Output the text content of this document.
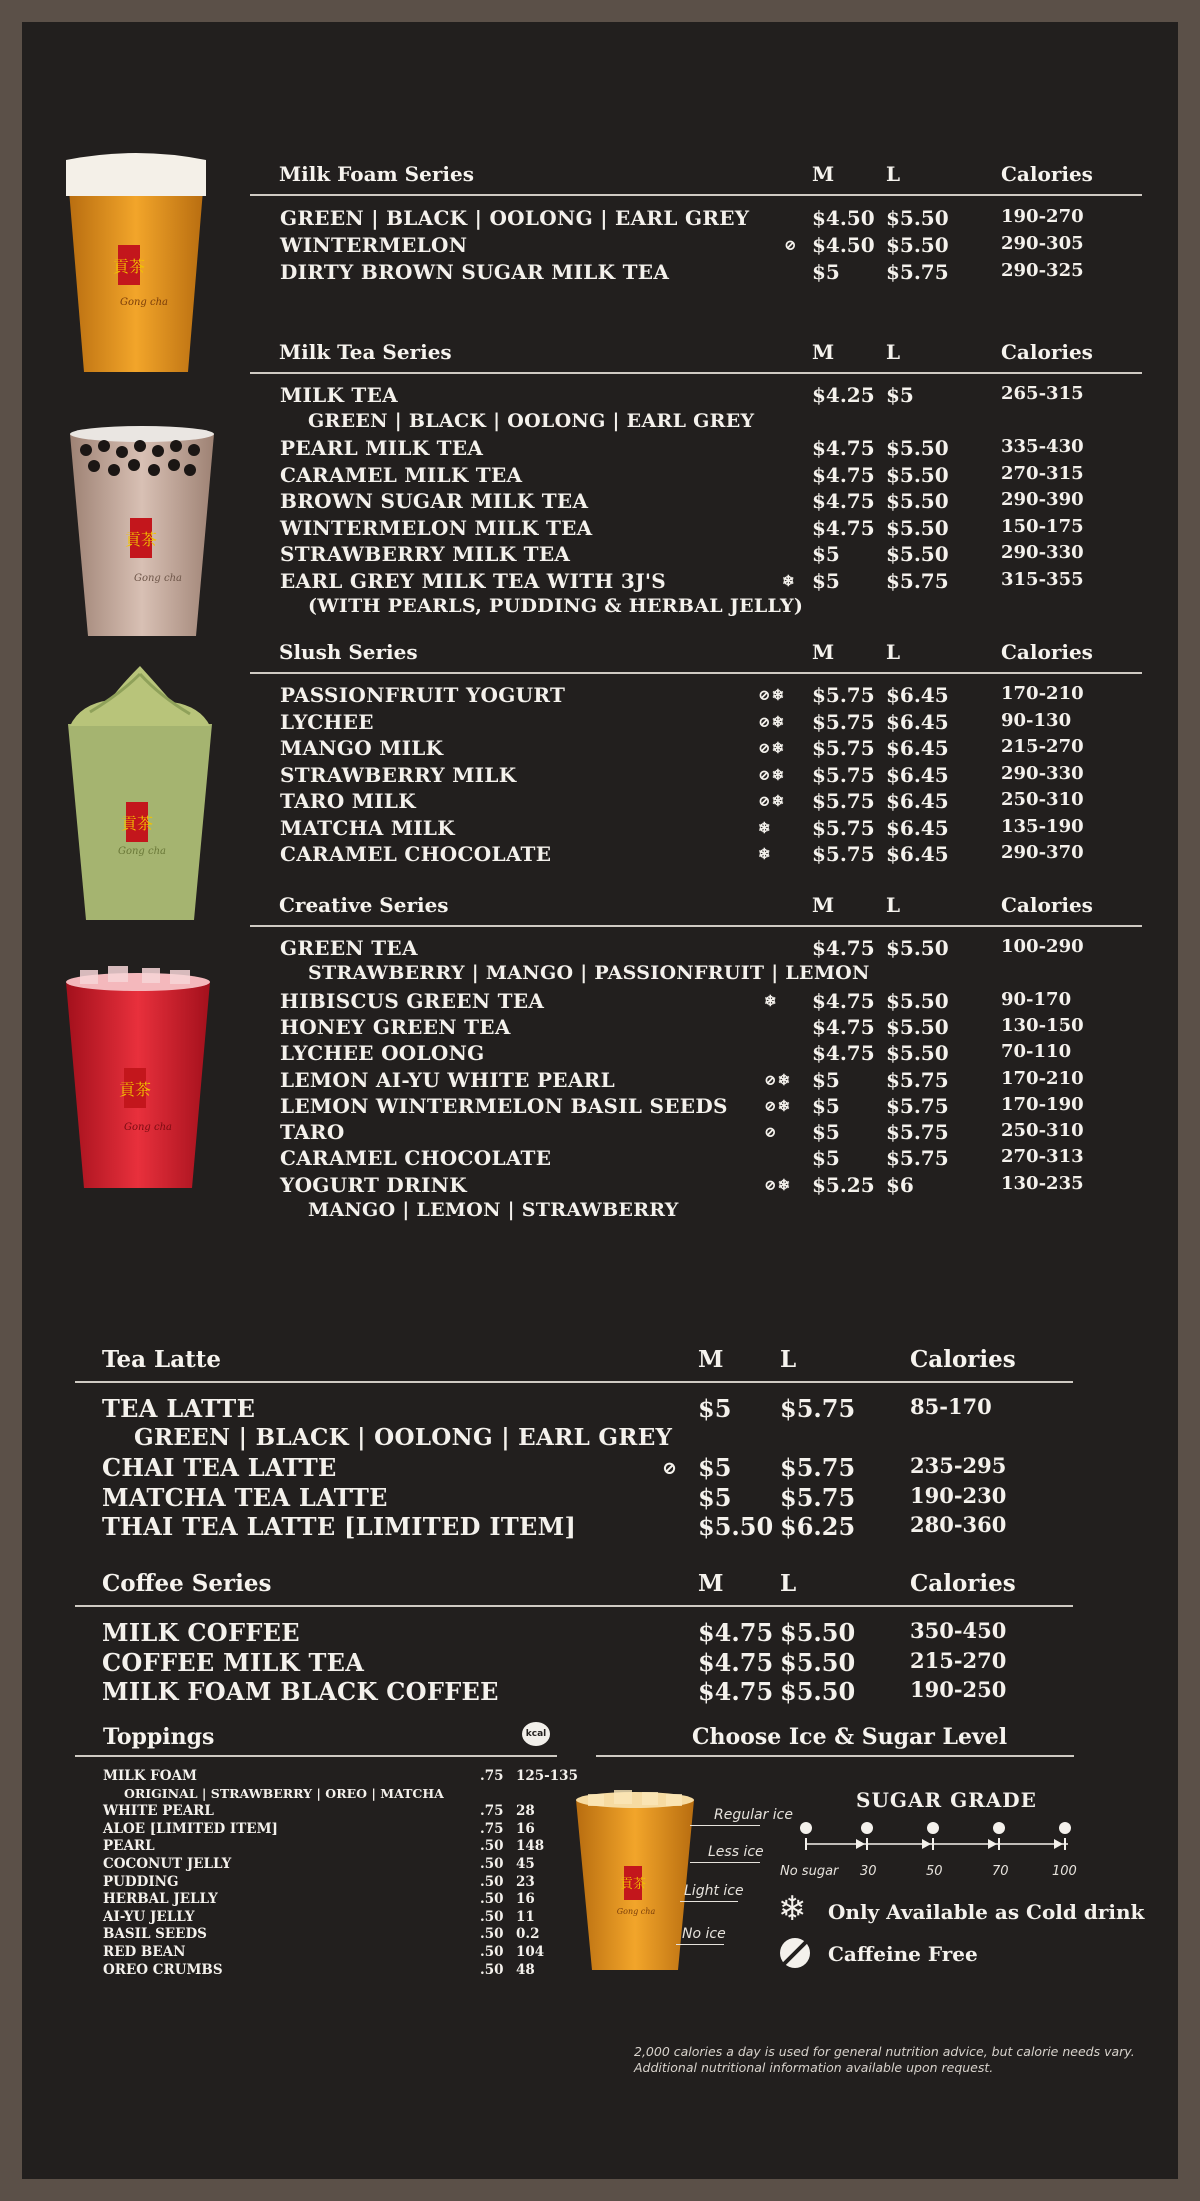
貢茶
Gong cha
貢茶
Gong cha
貢茶
Gong cha
貢茶
Gong cha
貢茶
Gong cha
Milk Foam Series	M	L	Calories
GREEN | BLACK | OOLONG | EARL GREY	$4.50 $5.50	190-270
WINTERMELON	⊘ $4.50 $5.50	290-305
DIRTY BROWN SUGAR MILK TEA	$5 $5.75	290-325
Milk Tea Series	M	L	Calories
MILK TEA	$4.25 $5	265-315
GREEN | BLACK | OOLONG | EARL GREY
PEARL MILK TEA	$4.75 $5.50	335-430
CARAMEL MILK TEA	$4.75 $5.50	270-315
BROWN SUGAR MILK TEA	$4.75 $5.50	290-390
WINTERMELON MILK TEA	$4.75 $5.50	150-175
STRAWBERRY MILK TEA	$5 $5.50	290-330
EARL GREY MILK TEA WITH 3J'S	❄ $5 $5.75	315-355
(WITH PEARLS, PUDDING & HERBAL JELLY)
Slush Series	M	L	Calories
PASSIONFRUIT YOGURT	⊘❄ $5.75 $6.45	170-210
LYCHEE	⊘❄ $5.75 $6.45	90-130
MANGO MILK	⊘❄ $5.75 $6.45	215-270
STRAWBERRY MILK	⊘❄ $5.75 $6.45	290-330
TARO MILK	⊘❄ $5.75 $6.45	250-310
MATCHA MILK	❄ $5.75 $6.45	135-190
CARAMEL CHOCOLATE	❄ $5.75 $6.45	290-370
Creative Series	M	L	Calories
GREEN TEA	$4.75 $5.50	100-290
STRAWBERRY | MANGO | PASSIONFRUIT | LEMON
HIBISCUS GREEN TEA	❄ $4.75 $5.50	90-170
HONEY GREEN TEA	$4.75 $5.50	130-150
LYCHEE OOLONG	$4.75 $5.50	70-110
LEMON AI-YU WHITE PEARL	⊘❄ $5 $5.75	170-210
LEMON WINTERMELON BASIL SEEDS ⊘❄ $5 $5.75	170-190
TARO	⊘ $5 $5.75	250-310
CARAMEL CHOCOLATE	$5 $5.75	270-313
YOGURT DRINK	⊘❄ $5.25 $6	130-235
MANGO | LEMON | STRAWBERRY
Tea Latte	M L	Calories
TEA LATTE	$5 $5.75	85-170
GREEN | BLACK | OOLONG | EARL GREY
CHAI TEA LATTE	⊘ $5 $5.75	235-295
MATCHA TEA LATTE	$5 $5.75	190-230
THAI TEA LATTE [LIMITED ITEM]	$5.50 $6.25	280-360
Coffee Series	M L	Calories
MILK COFFEE	$4.75 $5.50	350-450
COFFEE MILK TEA	$4.75 $5.50	215-270
MILK FOAM BLACK COFFEE	$4.75 $5.50	190-250
Toppings	kcal
MILK FOAM	.75 125-135
ORIGINAL | STRAWBERRY | OREO | MATCHA
WHITE PEARL	.75 28
ALOE [LIMITED ITEM]	.75 16
PEARL	.50 148
COCONUT JELLY	.50 45
PUDDING	.50 23
HERBAL JELLY	.50 16
AI-YU JELLY	.50 11
BASIL SEEDS	.50 0.2
RED BEAN	.50 104
OREO CRUMBS	.50 48
Choose Ice & Sugar Level
Regular ice
Less ice
Light ice
No ice
SUGAR GRADE
No sugar 30	50	70	100
❄ Only Available as Cold drink
Caffeine Free
2,000 calories a day is used for general nutrition advice, but calorie needs vary.
Additional nutritional information available upon request.
